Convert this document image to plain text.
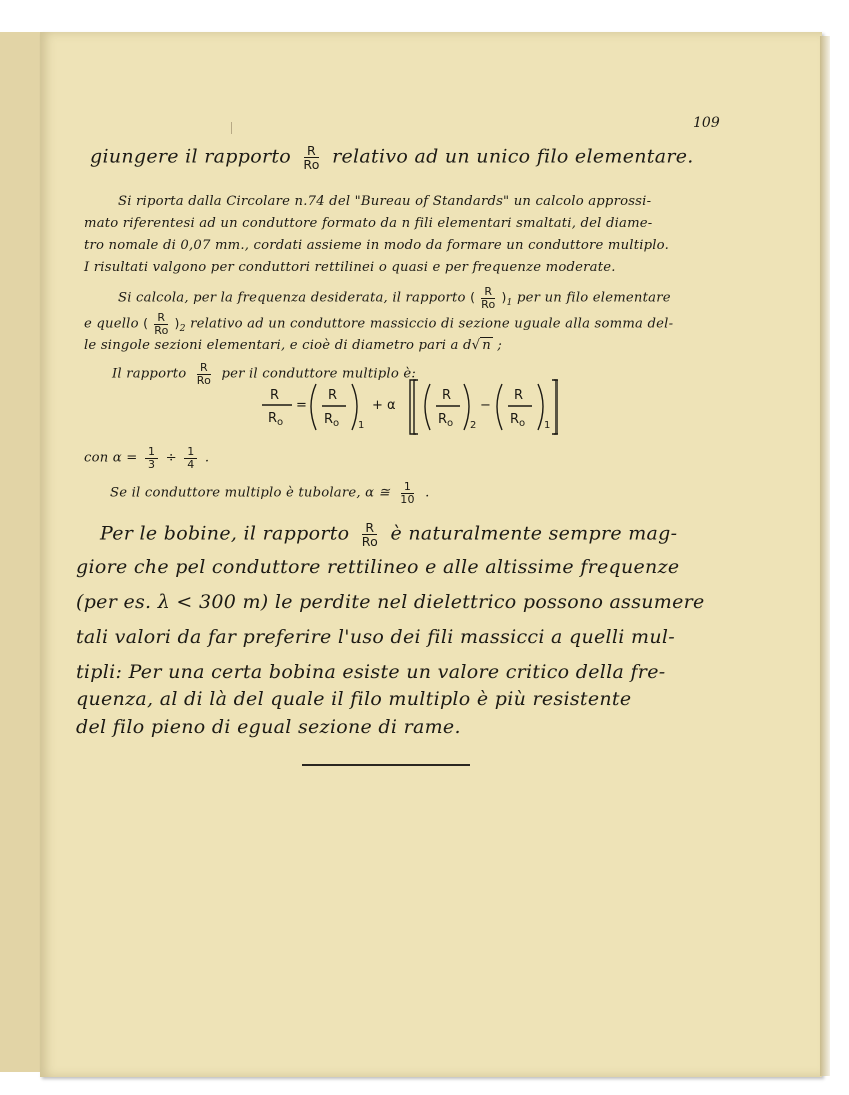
109
giungere il rapporto $\frac{R}{Ro}$ relativo ad un unico filo elementare.
Si riporta dalla Circolare n.74 del "Bureau of Standards" un calcolo approssi-
mato riferentesi ad un conduttore formato da n fili elementari smaltati, del diame-
tro nomale di 0,07 mm., cordati assieme in modo da formare un conduttore multiplo.
I risultati valgono per conduttori rettilinei o quasi e per frequenze moderate.
Si calcola, per la frequenza desiderata, il rapporto ( $\frac{R}{Ro} )_1$ per un filo elementare
e quello ( $\frac{R}{Ro} )_2$ relativo ad un conduttore massiccio di sezione uguale alla somma del-
le singole sezioni elementari, e cioè di diametro pari a d√ n ;
Il rapporto $\frac{R}{Ro}$ per il conduttore multiplo è:
R
$R_o$
=
R
$R_o$ 1
+ α
R
$R_o$ 2
−
R
$R_o$ 1
con $\alpha = \frac{1}{3} \div \frac{1}{4}$ .
Se il conduttore multiplo è tubolare, α ≅ $\frac{1}{10}$ .
Per le bobine, il rapporto $\frac{R}{Ro}$ è naturalmente sempre mag-
giore che pel conduttore rettilineo e alle altissime frequenze
(per es. λ < 300 m) le perdite nel dielettrico possono assumere
tali valori da far preferire l'uso dei fili massicci a quelli mul-
tipli: Per una certa bobina esiste un valore critico della fre-
quenza, al di là del quale il filo multiplo è più resistente
del filo pieno di egual sezione di rame.
